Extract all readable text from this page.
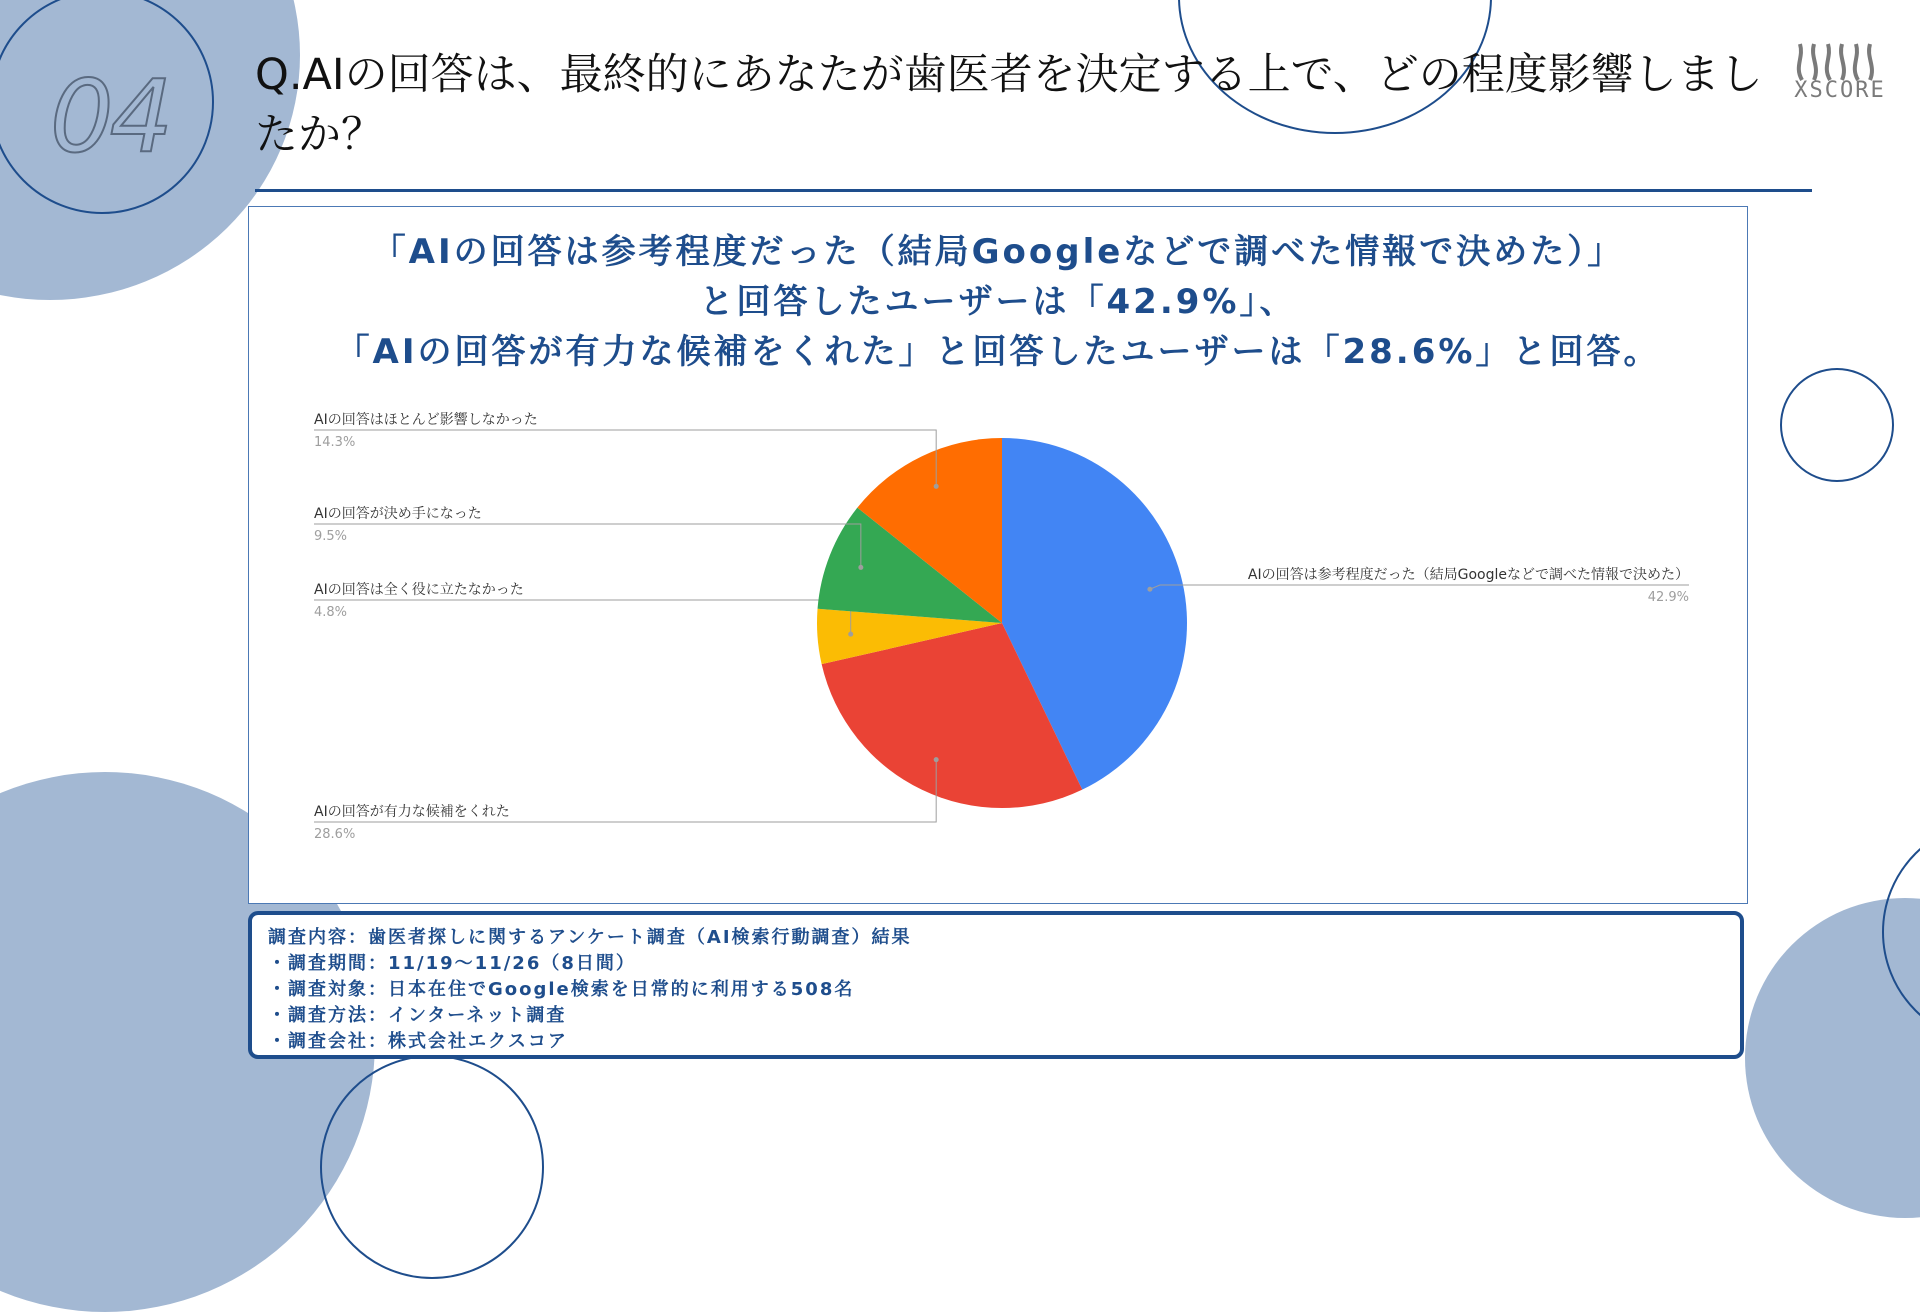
04 Q.AIの回答は、最終的にあなたが歯医者を決定する上で、どの程度影響しましたか？
XSCORE
「AIの回答は参考程度だった（結局Googleなどで調べた情報で決めた）」
と回答したユーザーは「42.9%」、
「AIの回答が有力な候補をくれた」と回答したユーザーは「28.6%」と回答。
AIの回答は参考程度だった（結局Googleなどで調べた情報で決めた）
42.9%
AIの回答が有力な候補をくれた
28.6%
AIの回答は全く役に立たなかった
4.8%
AIの回答が決め手になった
9.5%
AIの回答はほとんど影響しなかった
14.3%
調査内容：歯医者探しに関するアンケート調査（AI検索行動調査）結果
・調査期間：11/19〜11/26（8日間）
・調査対象：日本在住でGoogle検索を日常的に利用する508名
・調査方法：インターネット調査
・調査会社：株式会社エクスコア
